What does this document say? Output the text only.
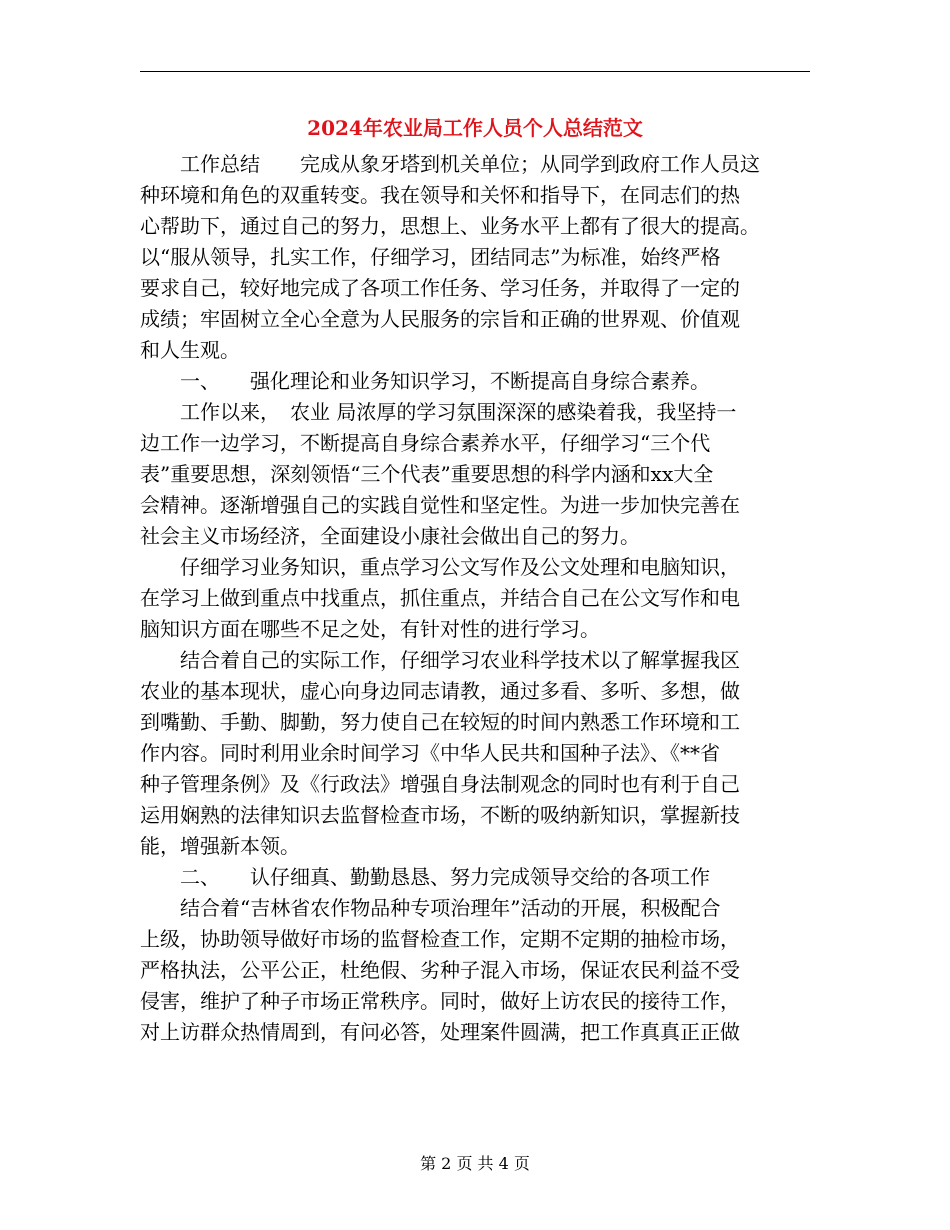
2024年农业局工作人员个人总结范文
　　工作总结　　完成从象牙塔到机关单位；从同学到政府工作人员这
种环境和角色的双重转变。我在领导和关怀和指导下，在同志们的热
心帮助下，通过自己的努力，思想上、业务水平上都有了很大的提高。
以“服从领导，扎实工作，仔细学习，团结同志”为标准，始终严格
要求自己，较好地完成了各项工作任务、学习任务，并取得了一定的
成绩；牢固树立全心全意为人民服务的宗旨和正确的世界观、价值观
和人生观。
　　一、　　强化理论和业务知识学习，不断提高自身综合素养。
　　工作以来，　农业 局浓厚的学习氛围深深的感染着我，我坚持一
边工作一边学习，不断提高自身综合素养水平，仔细学习“三个代
表”重要思想，深刻领悟“三个代表”重要思想的科学内涵和xx大全
会精神。逐渐增强自己的实践自觉性和坚定性。为进一步加快完善在
社会主义市场经济，全面建设小康社会做出自己的努力。
　　仔细学习业务知识，重点学习公文写作及公文处理和电脑知识，
在学习上做到重点中找重点，抓住重点，并结合自己在公文写作和电
脑知识方面在哪些不足之处，有针对性的进行学习。
　　结合着自己的实际工作，仔细学习农业科学技术以了解掌握我区
农业的基本现状，虚心向身边同志请教，通过多看、多听、多想，做
到嘴勤、手勤、脚勤，努力使自己在较短的时间内熟悉工作环境和工
作内容。同时利用业余时间学习《中华人民共和国种子法》、《**省
种子管理条例》及《行政法》增强自身法制观念的同时也有利于自己
运用娴熟的法律知识去监督检查市场，不断的吸纳新知识，掌握新技
能，增强新本领。
　　二、　　认仔细真、勤勤恳恳、努力完成领导交给的各项工作
　　结合着“吉林省农作物品种专项治理年”活动的开展，积极配合
上级，协助领导做好市场的监督检查工作，定期不定期的抽检市场，
严格执法，公平公正，杜绝假、劣种子混入市场，保证农民利益不受
侵害，维护了种子市场正常秩序。同时，做好上访农民的接待工作，
对上访群众热情周到，有问必答，处理案件圆满，把工作真真正正做
第 2 页 共 4 页
